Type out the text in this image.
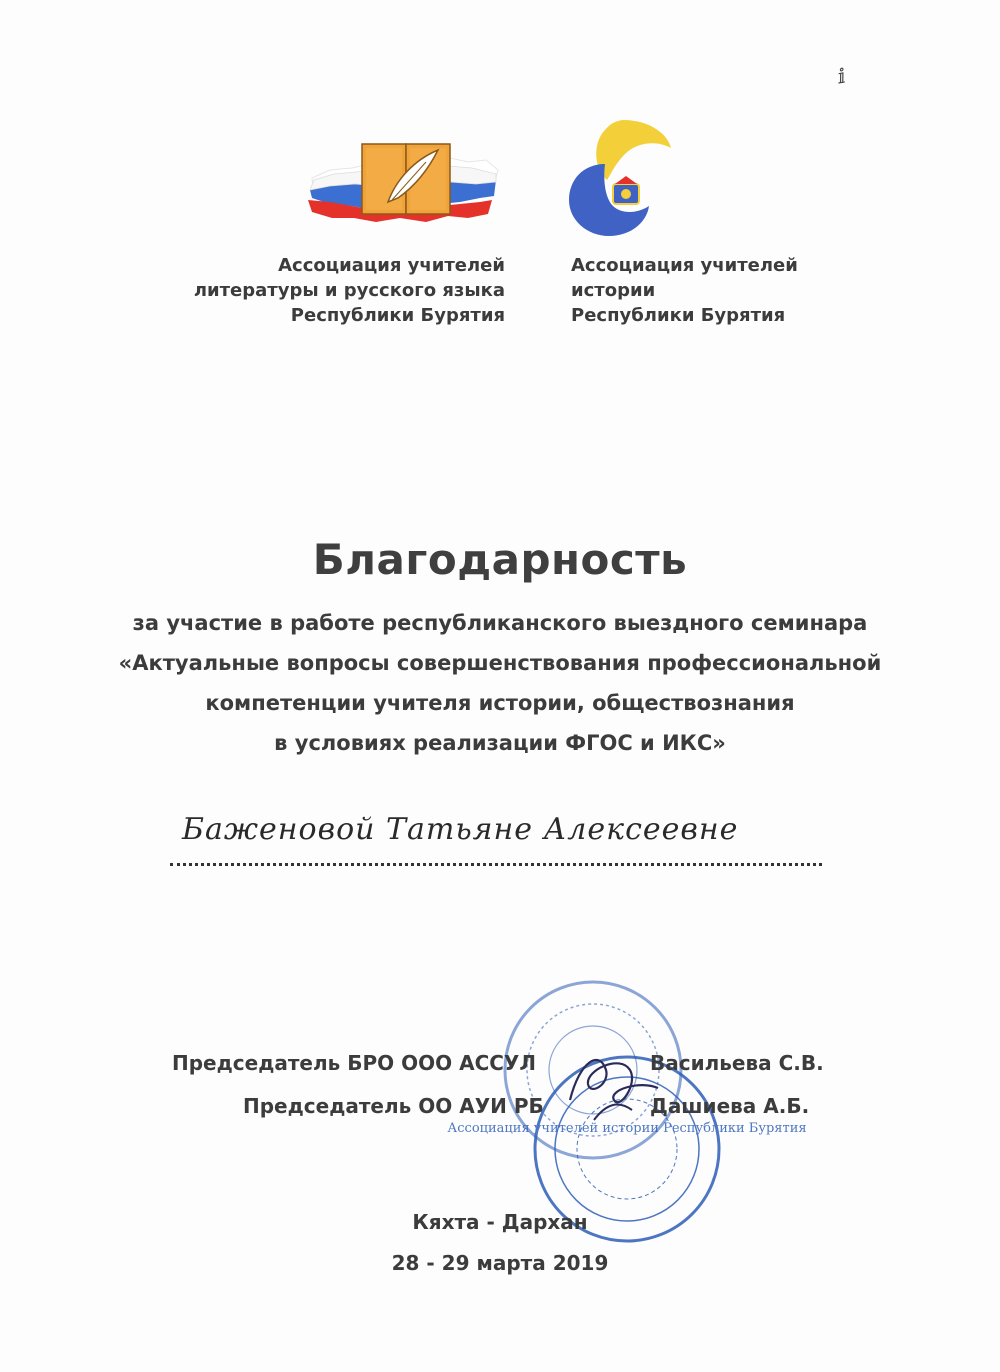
ⅈ
Ассоциация учителей
литературы и русского языка
Республики Бурятия
Ассоциация учителей
истории
Республики Бурятия
Благодарность
за участие в работе республиканского выездного семинара
«Актуальные вопросы совершенствования профессиональной
компетенции учителя истории, обществознания
в условиях реализации ФГОС и ИКС»
Баженовой Татьяне Алексеевне
Ассоциация учителей истории Республики Бурятия
Председатель БРО ООО АССУЛ	Васильева С.В.
Председатель ОО АУИ РБ	Дашиева А.Б.
Кяхта - Дархан
28 - 29 марта 2019
